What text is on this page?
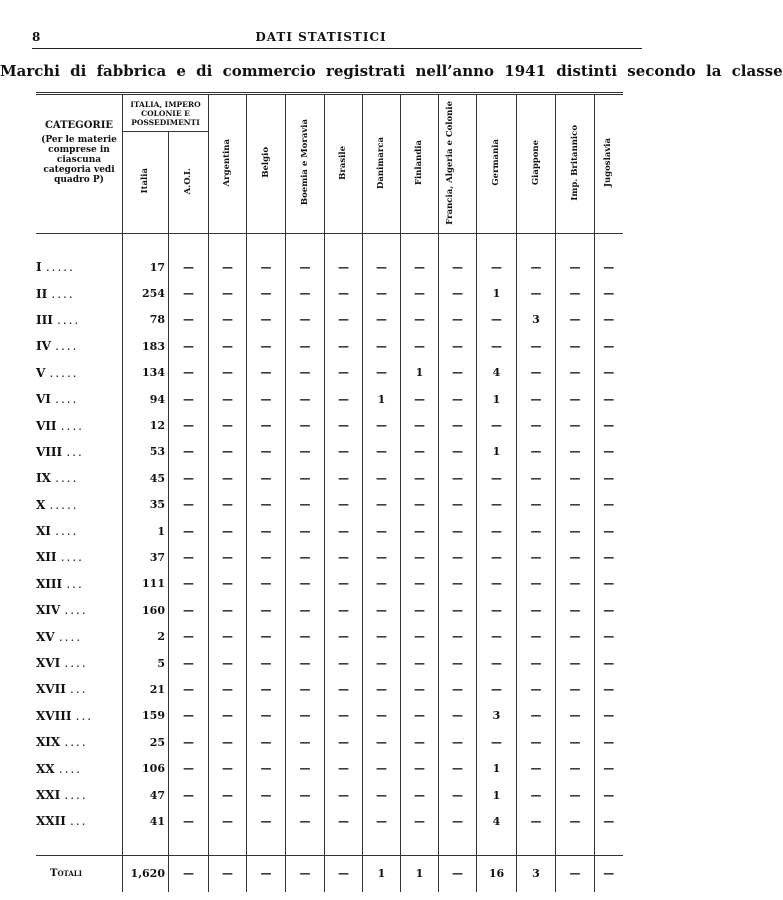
8	DATI STATISTICI
Marchi di fabbrica e di commercio registrati nell’anno 1941 distinti secondo la classe

CATEGORIE
(Per le materie comprese in ciascuna categoria vedi quadro P)	ITALIA, IMPERO COLONIE E POSSEDIMENTI		Argentina	Belgio	Boemia e Moravia	Brasile	Danimarca	Finlandia	Francia, Algeria e Colonie	Germania	Giappone	Imp. Britannico	Jugoslavia
	Italia	A.O.I.											

I .....	17	—	—	—	—	—	—	—	—	—	—	—	—
II ....	254	—	—	—	—	—	—	—	—	1	—	—	—
III ....	78	—	—	—	—	—	—	—	—	—	3	—	—
IV ....	183	—	—	—	—	—	—	—	—	—	—	—	—
V .....	134	—	—	—	—	—	—	1	—	4	—	—	—
VI ....	94	—	—	—	—	—	1	—	—	1	—	—	—
VII ....	12	—	—	—	—	—	—	—	—	—	—	—	—
VIII ...	53	—	—	—	—	—	—	—	—	1	—	—	—
IX ....	45	—	—	—	—	—	—	—	—	—	—	—	—
X .....	35	—	—	—	—	—	—	—	—	—	—	—	—
XI ....	1	—	—	—	—	—	—	—	—	—	—	—	—
XII ....	37	—	—	—	—	—	—	—	—	—	—	—	—
XIII ...	111	—	—	—	—	—	—	—	—	—	—	—	—
XIV ....	160	—	—	—	—	—	—	—	—	—	—	—	—
XV ....	2	—	—	—	—	—	—	—	—	—	—	—	—
XVI ....	5	—	—	—	—	—	—	—	—	—	—	—	—
XVII ...	21	—	—	—	—	—	—	—	—	—	—	—	—
XVIII ...	159	—	—	—	—	—	—	—	—	3	—	—	—
XIX ....	25	—	—	—	—	—	—	—	—	—	—	—	—
XX ....	106	—	—	—	—	—	—	—	—	1	—	—	—
XXI ....	47	—	—	—	—	—	—	—	—	1	—	—	—
XXII ...	41	—	—	—	—	—	—	—	—	4	—	—	—

Totali	1,620	—	—	—	—	—	1	1	—	16	3	—	—
